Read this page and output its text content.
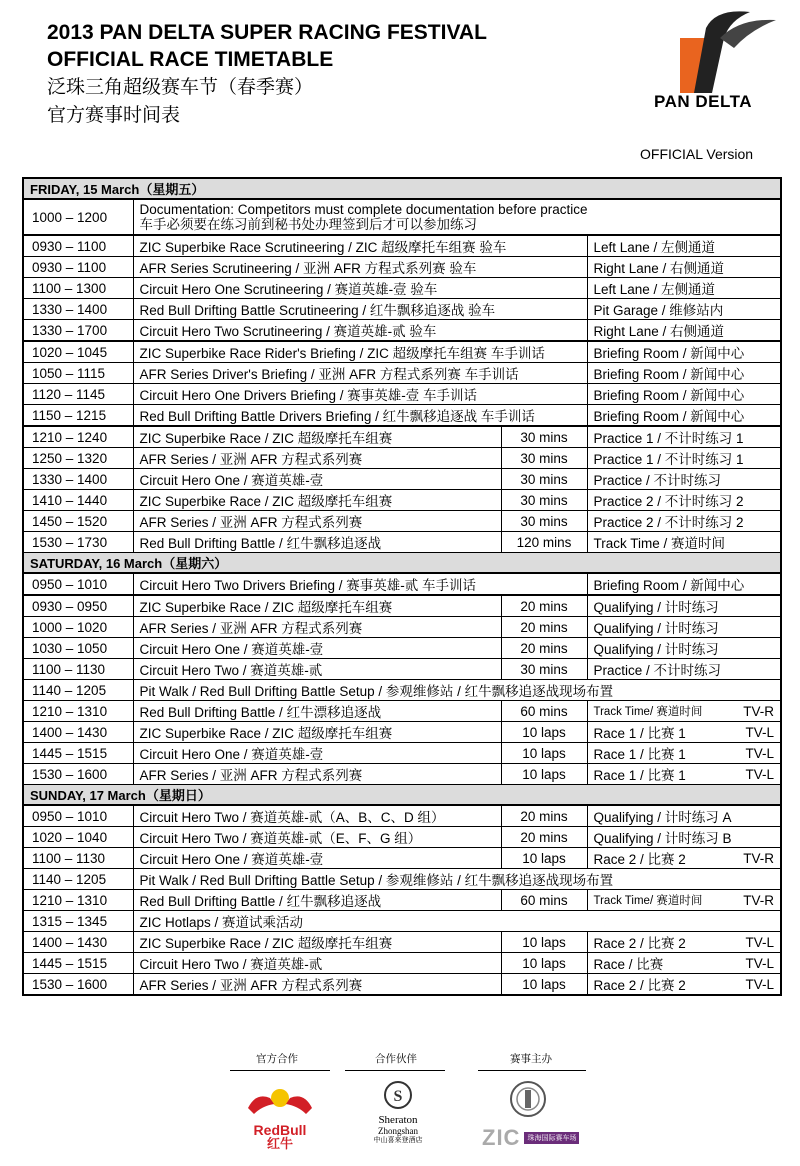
2013 PAN DELTA SUPER RACING FESTIVAL
OFFICIAL RACE TIMETABLE
泛珠三角超级赛车节（春季赛）
官方赛事时间表
PAN DELTA
OFFICIAL Version
FRIDAY, 15 March（星期五）			
1000 – 1200	Documentation: Competitors must complete documentation before practice
车手必须要在练习前到秘书处办理签到后才可以参加练习		

0930 – 1100	ZIC Superbike Race Scrutineering / ZIC 超级摩托车组赛 验车		Left Lane / 左侧通道

0930 – 1100	AFR Series Scrutineering / 亚洲 AFR 方程式系列赛 验车		Right Lane / 右侧通道

1100 – 1300	Circuit Hero One Scrutineering / 赛道英雄-壹 验车		Left Lane / 左侧通道

1330 – 1400	Red Bull Drifting Battle Scrutineering / 红牛飘移追逐战 验车		Pit Garage / 维修站内

1330 – 1700	Circuit Hero Two Scrutineering / 赛道英雄-贰 验车		Right Lane / 右侧通道

1020 – 1045	ZIC Superbike Race Rider's Briefing / ZIC 超级摩托车组赛 车手训话		Briefing Room / 新闻中心

1050 – 1115	AFR Series Driver's Briefing / 亚洲 AFR 方程式系列赛 车手训话		Briefing Room / 新闻中心

1120 – 1145	Circuit Hero One Drivers Briefing / 赛事英雄-壹 车手训话		Briefing Room / 新闻中心

1150 – 1215	Red Bull Drifting Battle Drivers Briefing / 红牛飘移追逐战 车手训话		Briefing Room / 新闻中心

1210 – 1240	ZIC Superbike Race / ZIC 超级摩托车组赛	30 mins	Practice 1 / 不计时练习 1

1250 – 1320	AFR Series / 亚洲 AFR 方程式系列赛	30 mins	Practice 1 / 不计时练习 1

1330 – 1400	Circuit Hero One / 赛道英雄-壹	30 mins	Practice / 不计时练习

1410 – 1440	ZIC Superbike Race / ZIC 超级摩托车组赛	30 mins	Practice 2 / 不计时练习 2

1450 – 1520	AFR Series / 亚洲 AFR 方程式系列赛	30 mins	Practice 2 / 不计时练习 2

1530 – 1730	Red Bull Drifting Battle / 红牛飘移追逐战	120 mins	Track Time / 赛道时间

SATURDAY, 16 March（星期六）			
0950 – 1010	Circuit Hero Two Drivers Briefing / 赛事英雄-贰 车手训话		Briefing Room / 新闻中心

0930 – 0950	ZIC Superbike Race / ZIC 超级摩托车组赛	20 mins	Qualifying / 计时练习

1000 – 1020	AFR Series / 亚洲 AFR 方程式系列赛	20 mins	Qualifying / 计时练习

1030 – 1050	Circuit Hero One / 赛道英雄-壹	20 mins	Qualifying / 计时练习

1100 – 1130	Circuit Hero Two / 赛道英雄-贰	30 mins	Practice / 不计时练习

1140 – 1205	Pit Walk / Red Bull Drifting Battle Setup / 参观维修站 / 红牛飘移追逐战现场布置		
1210 – 1310	Red Bull Drifting Battle / 红牛漂移追逐战	60 mins	Track Time/ 赛道时间 TV-R

1400 – 1430	ZIC Superbike Race / ZIC 超级摩托车组赛	10 laps	Race 1 / 比赛 1 TV-L

1445 – 1515	Circuit Hero One / 赛道英雄-壹	10 laps	Race 1 / 比赛 1 TV-L

1530 – 1600	AFR Series / 亚洲 AFR 方程式系列赛	10 laps	Race 1 / 比赛 1 TV-L

SUNDAY, 17 March（星期日）			
0950 – 1010	Circuit Hero Two / 赛道英雄-贰（A、B、C、D 组）	20 mins	Qualifying / 计时练习 A

1020 – 1040	Circuit Hero Two / 赛道英雄-贰（E、F、G 组）	20 mins	Qualifying / 计时练习 B

1100 – 1130	Circuit Hero One / 赛道英雄-壹	10 laps	Race 2 / 比赛 2 TV-R

1140 – 1205	Pit Walk / Red Bull Drifting Battle Setup / 参观维修站 / 红牛飘移追逐战现场布置		
1210 – 1310	Red Bull Drifting Battle / 红牛飘移追逐战	60 mins	Track Time/ 赛道时间 TV-R

1315 – 1345	ZIC Hotlaps / 赛道试乘活动		
1400 – 1430	ZIC Superbike Race / ZIC 超级摩托车组赛	10 laps	Race 2 / 比赛 2 TV-L

1445 – 1515	Circuit Hero Two / 赛道英雄-贰	10 laps	Race / 比赛 TV-L

1530 – 1600	AFR Series / 亚洲 AFR 方程式系列赛	10 laps	Race 2 / 比赛 2 TV-L
官方合作	合作伙伴	赛事主办
RedBull
红牛
S
Sheraton
Zhongshan
中山喜来登酒店	ZIC	珠海国际赛车场
